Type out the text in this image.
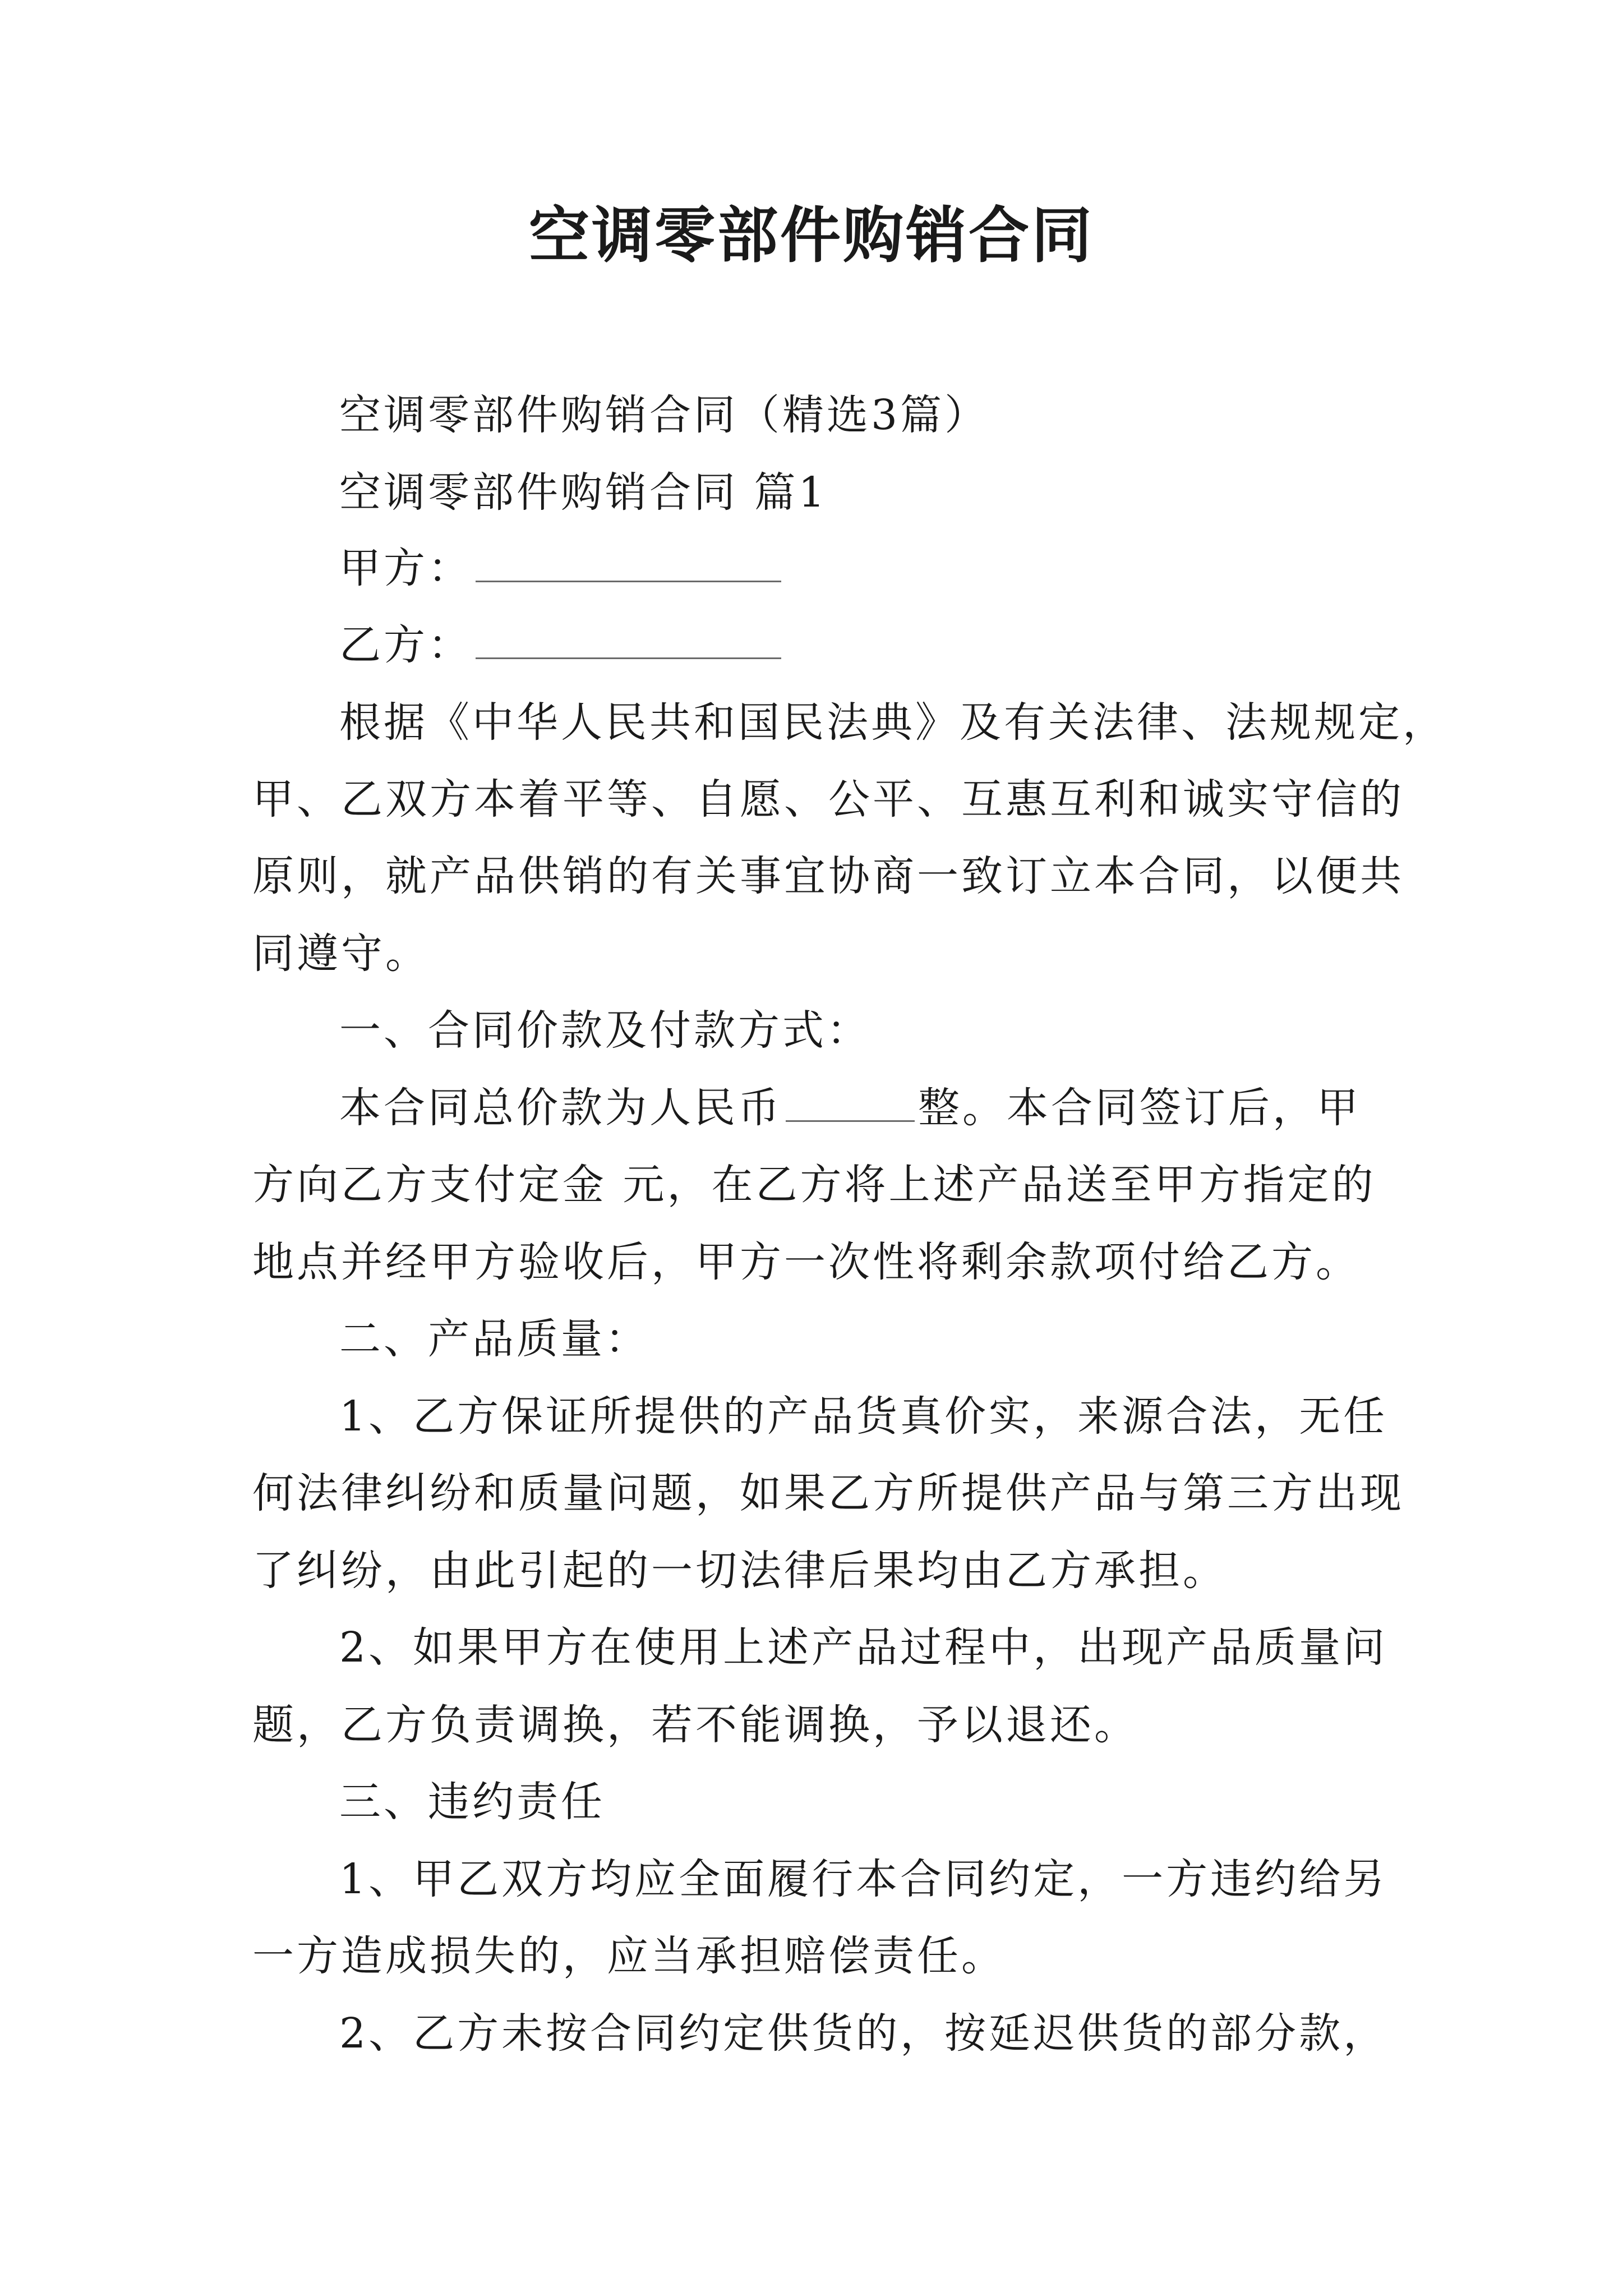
空调零部件购销合同

空调零部件购销合同（精选3篇）

空调零部件购销合同 篇1

甲方：

乙方：

根据《中华人民共和国民法典》及有关法律、法规规定，

甲、乙双方本着平等、自愿、公平、互惠互利和诚实守信的

原则，就产品供销的有关事宜协商一致订立本合同，以便共

同遵守。

一、合同价款及付款方式：

本合同总价款为人民币	整。本合同签订后，甲

方向乙方支付定金 元，在乙方将上述产品送至甲方指定的

地点并经甲方验收后，甲方一次性将剩余款项付给乙方。

二、产品质量：

1、乙方保证所提供的产品货真价实，来源合法，无任

何法律纠纷和质量问题，如果乙方所提供产品与第三方出现

了纠纷，由此引起的一切法律后果均由乙方承担。

2、如果甲方在使用上述产品过程中，出现产品质量问

题，乙方负责调换，若不能调换，予以退还。

三、违约责任

1、甲乙双方均应全面履行本合同约定，一方违约给另

一方造成损失的，应当承担赔偿责任。

2、乙方未按合同约定供货的，按延迟供货的部分款，
